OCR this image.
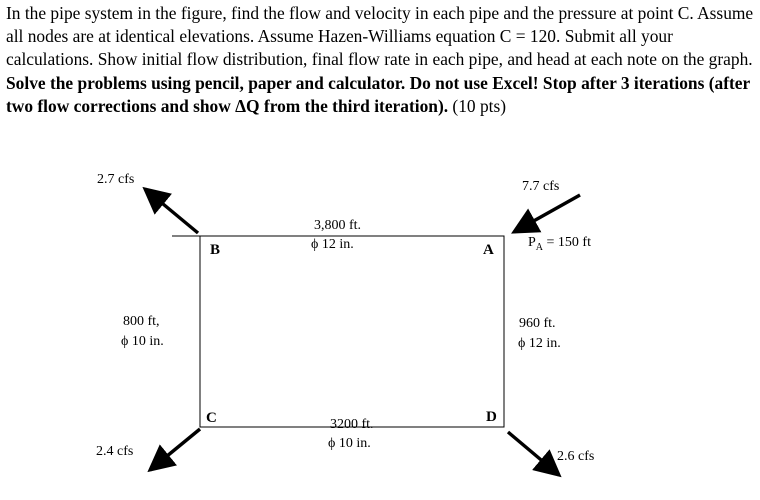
In the pipe system in the figure, find the flow and velocity in each pipe and the pressure at point C. Assume all nodes are at identical elevations. Assume Hazen-Williams equation C = 120. Submit all your calculations. Show initial flow distribution, final flow rate in each pipe, and head at each note on the graph. Solve the problems using pencil, paper and calculator. Do not use Excel! Stop after 3 iterations (after two flow corrections and show ΔQ from the third iteration). (10 pts)

2.7 cfs	7.7 cfs
2.4 cfs	2.6 cfs
3,800 ft.
ϕ 12 in.
800 ft,
ϕ 10 in.
960 ft.
ϕ 12 in.
3200 ft.
ϕ 10 in.
B	A
C	D
$P_A = 150$ ft
